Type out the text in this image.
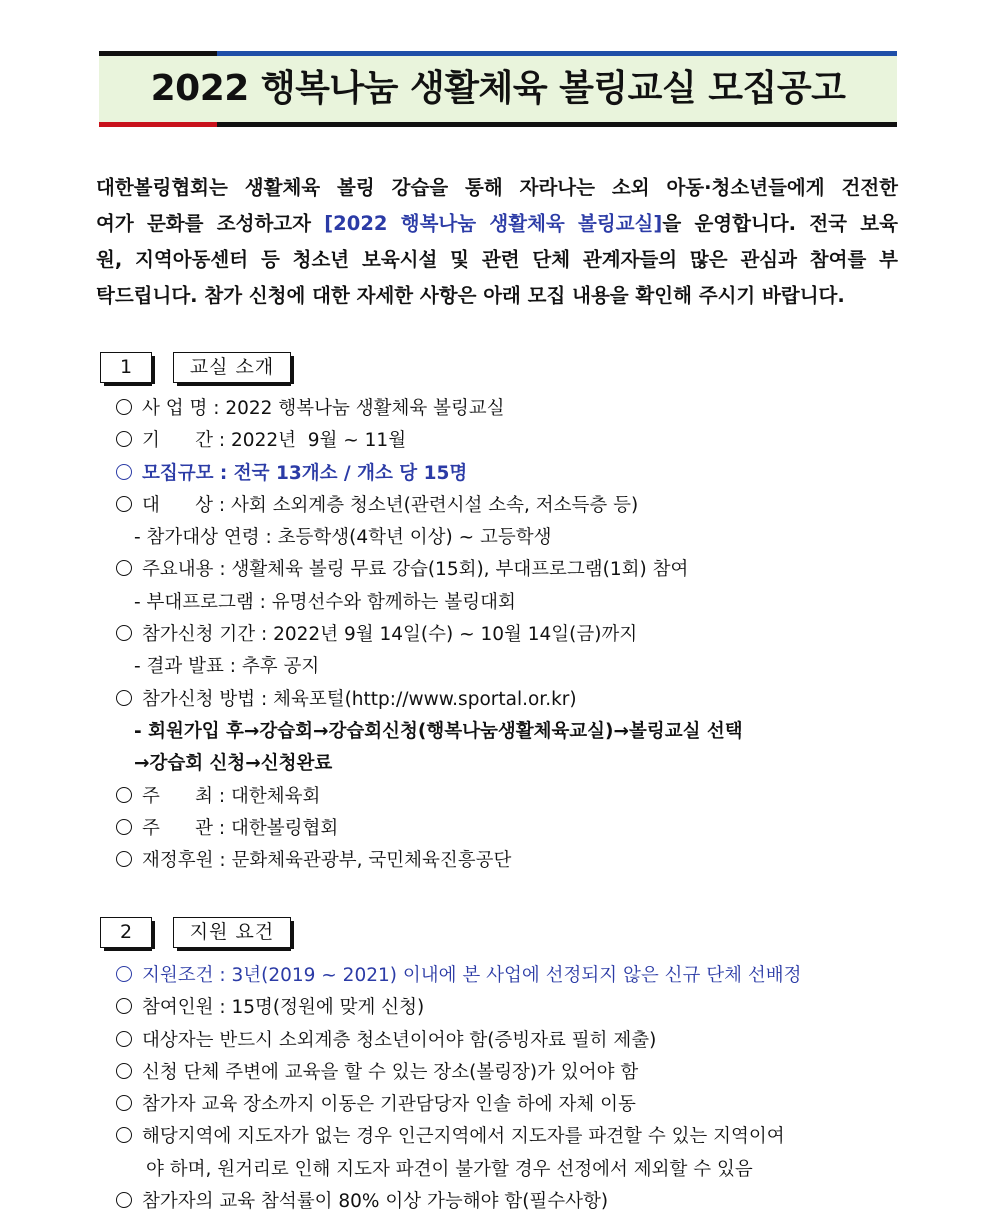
2022 행복나눔 생활체육 볼링교실 모집공고
대한볼링협회는 생활체육 볼링 강습을 통해 자라나는 소외 아동·청소년들에게 건전한
여가 문화를 조성하고자 [2022 행복나눔 생활체육 볼링교실]을 운영합니다. 전국 보육
원, 지역아동센터 등 청소년 보육시설 및 관련 단체 관계자들의 많은 관심과 참여를 부
탁드립니다. 참가 신청에 대한 자세한 사항은 아래 모집 내용을 확인해 주시기 바랍니다.
1	교실 소개
사 업 명 : 2022 행복나눔 생활체육 볼링교실
기      간 : 2022년  9월 ~ 11월
모집규모 : 전국 13개소 / 개소 당 15명
대      상 : 사회 소외계층 청소년(관련시설 소속, 저소득층 등)
- 참가대상 연령 : 초등학생(4학년 이상) ~ 고등학생
주요내용 : 생활체육 볼링 무료 강습(15회), 부대프로그램(1회) 참여
- 부대프로그램 : 유명선수와 함께하는 볼링대회
참가신청 기간 : 2022년 9월 14일(수) ~ 10월 14일(금)까지
- 결과 발표 : 추후 공지
참가신청 방법 : 체육포털(http://www.sportal.or.kr)
- 회원가입 후→강습회→강습회신청(행복나눔생활체육교실)→볼링교실 선택
→강습회 신청→신청완료
주      최 : 대한체육회
주      관 : 대한볼링협회
재정후원 : 문화체육관광부, 국민체육진흥공단
2	지원 요건
지원조건 : 3년(2019 ~ 2021) 이내에 본 사업에 선정되지 않은 신규 단체 선배정
참여인원 : 15명(정원에 맞게 신청)
대상자는 반드시 소외계층 청소년이어야 함(증빙자료 필히 제출)
신청 단체 주변에 교육을 할 수 있는 장소(볼링장)가 있어야 함
참가자 교육 장소까지 이동은 기관담당자 인솔 하에 자체 이동
해당지역에 지도자가 없는 경우 인근지역에서 지도자를 파견할 수 있는 지역이여
야 하며, 원거리로 인해 지도자 파견이 불가할 경우 선정에서 제외할 수 있음
참가자의 교육 참석률이 80% 이상 가능해야 함(필수사항)
